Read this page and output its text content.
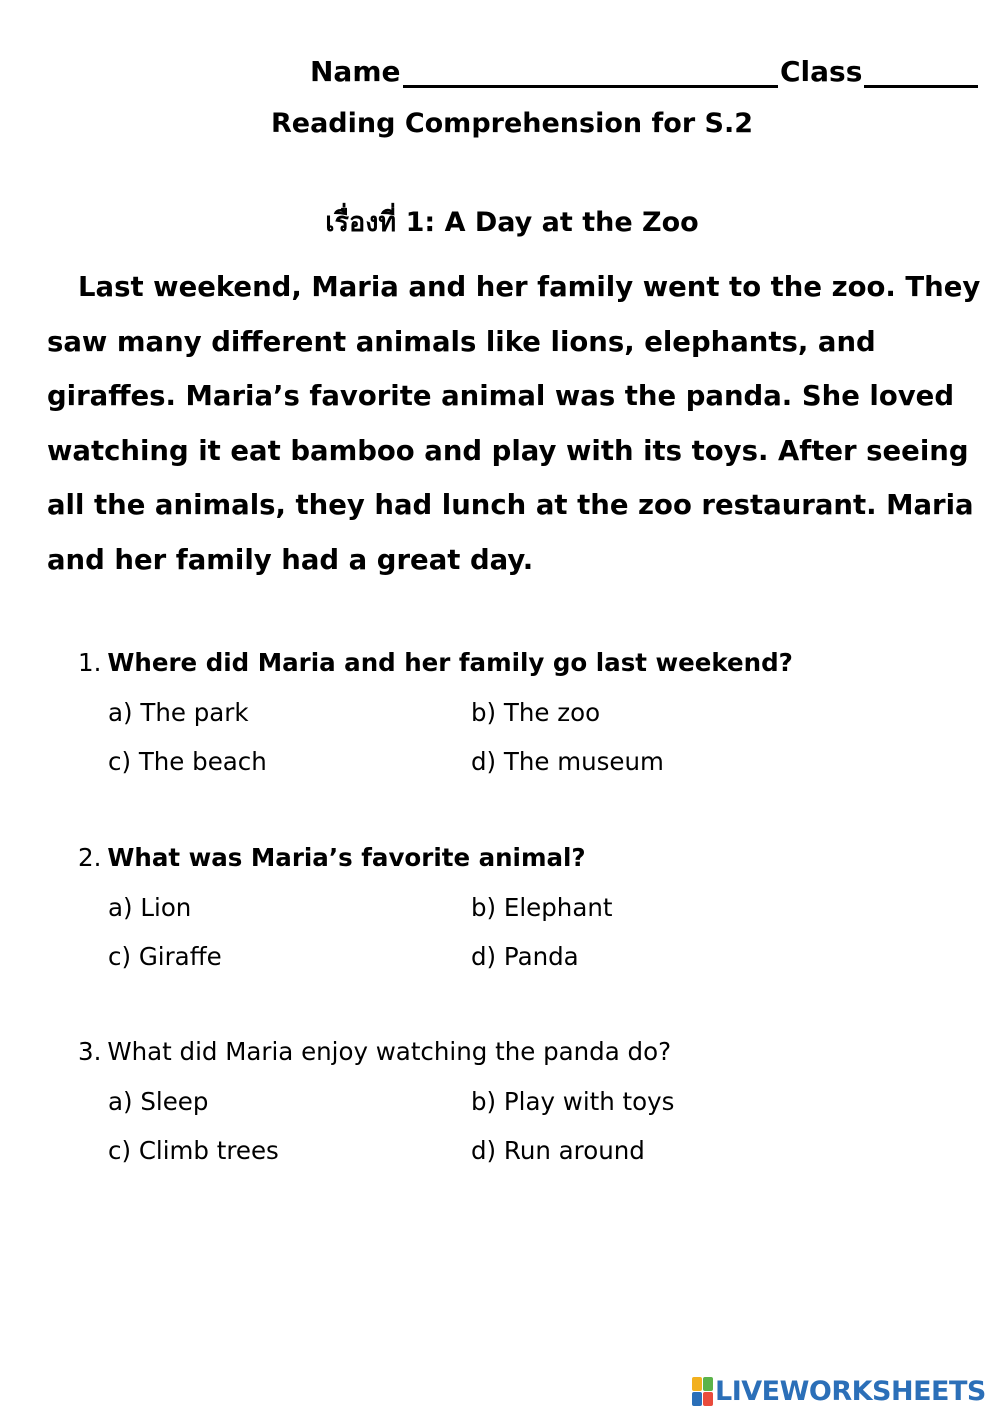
Name	Class
Reading Comprehension for S.2
เรื่องที่ 1: A Day at the Zoo
Last weekend, Maria and her family went to the zoo. They
saw many different animals like lions, elephants, and
giraffes. Maria’s favorite animal was the panda. She loved
watching it eat bamboo and play with its toys. After seeing
all the animals, they had lunch at the zoo restaurant. Maria
and her family had a great day.
1. Where did Maria and her family go last weekend?
a) The park	b) The zoo
c) The beach	d) The museum
2. What was Maria’s favorite animal?
a) Lion	b) Elephant
c) Giraffe	d) Panda
3. What did Maria enjoy watching the panda do?
a) Sleep	b) Play with toys
c) Climb trees	d) Run around
LIVEWORKSHEETS
